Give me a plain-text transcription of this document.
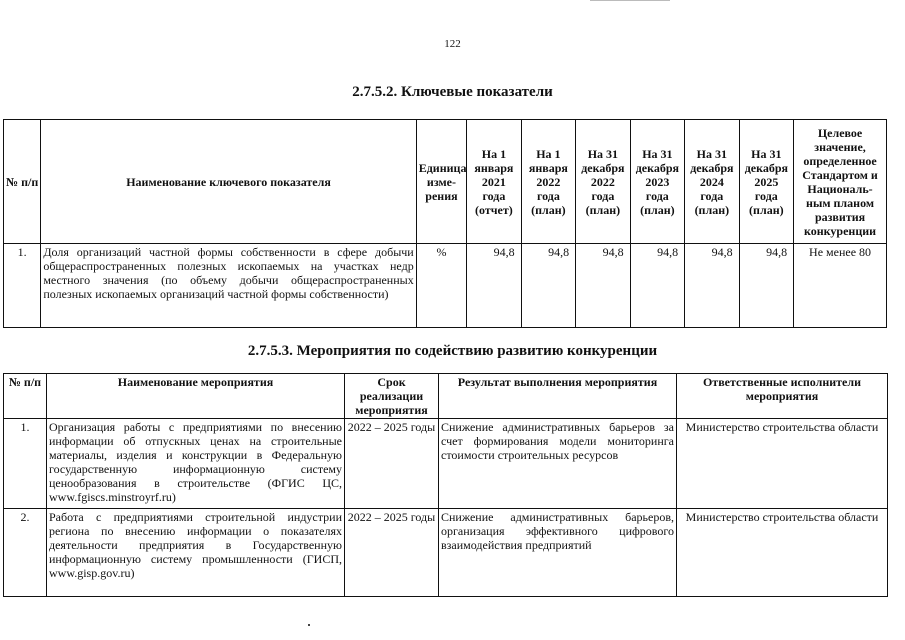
122
2.7.5.2. Ключевые показатели
№ п/п	Наименование ключевого показателя	Единица изме-рения	На 1 января 2021 года (отчет)	На 1 января 2022 года (план)	На 31 декабря 2022 года (план)	На 31 декабря 2023 года (план)	На 31 декабря 2024 года (план)	На 31 декабря 2025 года (план)	Целевое значение, определенное Стандартом и Националь-ным планом развития конкуренции
1.	Доля организаций частной формы собственности в сфере добычи общераспространенных полезных ископаемых на участках недр местного значения (по объему добычи общераспространенных полезных ископаемых организаций частной формы собственности)	%	94,8	94,8	94,8	94,8	94,8	94,8	Не менее 80
2.7.5.3. Мероприятия по содействию развитию конкуренции
№ п/п	Наименование мероприятия	Срок реализации мероприятия	Результат выполнения мероприятия	Ответственные исполнители мероприятия
1.	Организация работы с предприятиями по внесению информации об отпускных ценах на строительные материалы, изделия и конструкции в Федеральную государственную информационную систему ценообразования в строительстве (ФГИС ЦС, www.fgiscs.minstroyrf.ru)	2022 – 2025 годы	Снижение административных барьеров за счет формирования модели мониторинга стоимости строительных ресурсов	Министерство строительства области
2.	Работа с предприятиями строительной индустрии региона по внесению информации о показателях деятельности предприятия в Государственную информационную систему промышленности (ГИСП, www.gisp.gov.ru)	2022 – 2025 годы	Снижение административных барьеров, организация эффективного цифрового взаимодействия предприятий	Министерство строительства области
